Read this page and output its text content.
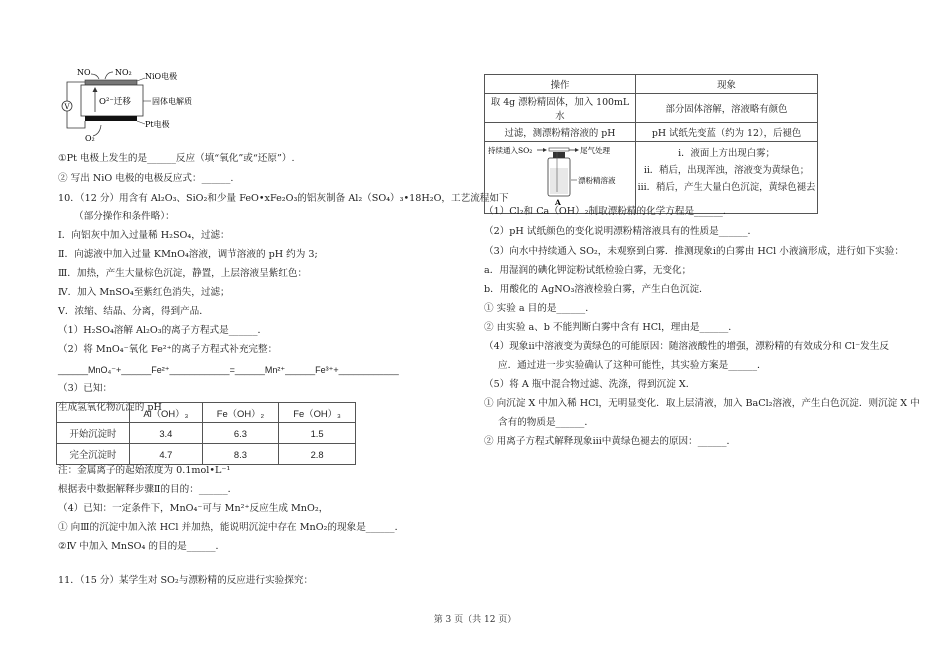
V	O²⁻迁移
NO	NO₂ NiO电极
固体电解质
Pt电极
O₂
①Pt 电极上发生的是______反应（填“氧化”或“还原”）.
② 写出 NiO 电极的电极反应式：______.
10．（12 分）用含有 Al₂O₃、SiO₂和少量 FeO•xFe₂O₃的铝灰制备 Al₂（SO₄）₃•18H₂O，工艺流程如下
（部分操作和条件略）：
Ⅰ．向铝灰中加入过量稀 H₂SO₄，过滤：
Ⅱ．向滤液中加入过量 KMnO₄溶液，调节溶液的 pH 约为 3;
Ⅲ．加热，产生大量棕色沉淀，静置，上层溶液呈紫红色：
Ⅳ．加入 MnSO₄至紫红色消失，过滤；
Ⅴ．浓缩、结晶、分离，得到产品．
（1）H₂SO₄溶解 Al₂O₃的离子方程式是______．
（2）将 MnO₄⁻氧化 Fe²⁺的离子方程式补充完整：
______MnO₄⁻+______Fe²⁺____________=______Mn²⁺______Fe³⁺+____________
（3）已知：
生成氢氧化物沉淀的 pH
	Al（OH）₃	Fe（OH）₂	Fe（OH）₃
开始沉淀时	3.4	6.3	1.5
完全沉淀时	4.7	8.3	2.8
注：金属离子的起始浓度为 0.1mol•L⁻¹
根据表中数据解释步骤Ⅱ的目的：______．
（4）已知：一定条件下，MnO₄⁻可与 Mn²⁺反应生成 MnO₂，
① 向Ⅲ的沉淀中加入浓 HCl 并加热，能说明沉淀中存在 MnO₂的现象是______．
②Ⅳ 中加入 MnSO₄ 的目的是______．
11．（15 分）某学生对 SO₂与漂粉精的反应进行实验探究：
操作	现象
取 4g 漂粉精固体，加入 100mL 水	部分固体溶解，溶液略有颜色
过滤，测漂粉精溶液的 pH	pH 试纸先变蓝（约为 12），后褪色

持续通入SO₂	尾气处理
漂粉精溶液
A

ⅰ．液面上方出现白雾；
ⅱ．稍后，出现浑浊，溶液变为黄绿色；
ⅲ．稍后，产生大量白色沉淀，黄绿色褪去
（1）Cl₂和 Ca（OH）₂制取漂粉精的化学方程是______．
（2）pH 试纸颜色的变化说明漂粉精溶液具有的性质是______．
（3）向水中持续通入 SO₂，未观察到白雾．推测现象ⅰ的白雾由 HCl 小液滴形成，进行如下实验：
a．用湿润的碘化钾淀粉试纸检验白雾，无变化；
b．用酸化的 AgNO₃溶液检验白雾，产生白色沉淀．
① 实验 a 目的是______．
② 由实验 a、b 不能判断白雾中含有 HCl，理由是______．
（4）现象ⅱ中溶液变为黄绿色的可能原因：随溶液酸性的增强，漂粉精的有效成分和 Cl⁻发生反
应．通过进一步实验确认了这种可能性，其实验方案是______．
（5）将 A 瓶中混合物过滤、洗涤，得到沉淀 X．
① 向沉淀 X 中加入稀 HCl，无明显变化．取上层清液，加入 BaCl₂溶液，产生白色沉淀．则沉淀 X 中
含有的物质是______．
② 用离子方程式解释现象ⅲ中黄绿色褪去的原因：______．
第 3 页（共 12 页）
